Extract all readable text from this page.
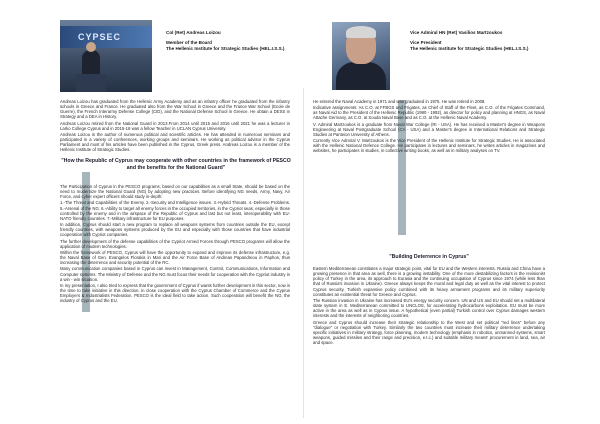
CYPSEC	Col (Ret) Andreas Loizou
Member of the Board
The Hellenic Institute for Strategic Studies (HEL.I.S.S.)
Vice Admiral HN (Ret) Vasilios Martzoukos
Vice President
The Hellenic Institute for Strategic Studies (HEL.I.S.S.)

Andreas Loizou has graduated from the Hellenic Army Academy and as an infantry officer he graduated from the infantry schools in Greece and France. He graduated also from the War School in Greece and the France War School (Ecole de Guerre), the French Interarmy Defense College (CID), and the National Defense School in Greece. He obtain a DESS in Strategy and a DEA in History.

Andreas Loizou retired from the National Guard in 2013.From 2014 until 2015 and 2016 until 2021 he was a lecturer in Larko College Cyprus and in 2015-16 was a fellow Teacher in UCLAN Cyprus University.

Andreas Loizou is the author of numerous political and scientific articles. He has attended in numerous seminars and participated in a variety of conferences, working groups and seminars. He working as political advisor in the Cyprus Parliament and most of his articles have been published in the Cyprus, Greek press. Andreas Loizou is a member of the Hellenic Institute of Strategic Studies.

"How the Republic of Cyprus may cooperate with other countries in the framework of PESCO and the benefits for the National Guard"

The Participation of Cyprus in the PESCO programs, based on our capabilities as a small State, should be based on the need to modernize the National Guard (NG) by adopting new practices. Before identifying NG needs, Army, Navy, Air Force, and cyber expert officers should study in-depth:

1.-The Threat and Capabilities of the Enemy. 2.-Security and Intelligence issues. 3.-Hybrid Threats. 4.-Defense Problems. 5.-Arsenal of the NG. 6.-Ability to target all enemy forces in the occupied territories, in the Cypriot seas, especially in those controlled by the enemy and in the airspace of the Republic of Cyprus and last but not least, interoperability with EU-NATO friendly countries. 7.-Military infrastructure for EU purposes.

In addition, Cyprus should start a new program to replace all weapons systems from countries outside the EU, except friendly countries, with weapons systems produced by the EU and especially with those countries that have industrial cooperation with Cypriot companies.

The further development of the defense capabilities of the Cypriot Armed Forces through PESCO programs will allow the application of modern technologies.

Within the framework of PESCO, Cyprus will have the opportunity to expand and improve its defense infrastructure, e.g. the Naval Base of Gen. Evangelos Florakis in Mari and the Air Force Base of Andreas Papandreou in Paphos, thus increasing the deterrence and security potential of the RC.

Many communication companies based in Cyprus can invest in Management, Control, Communications, Information and Computer systems. The Ministry of Defense and the NG must focus their needs for cooperation with the Cypriot industry in a win - win situation.

In my presentation, I also tried to express that the government of Cyprus if wants further development in this sector, now is the time to take initiative in this direction, in close cooperation with the Cyprus Chamber of Commerce and the Cyprus Employers & Industrialists Federation. PESCO is the ideal field to take action. Such cooperation will benefit the NG, the industry of Cyprus and the EU.

He entered the Naval Academy in 1971 and was graduated in 1975. He was retired in 2008.

Indicative assignments: As C.O. at FFBGS and Frigates, as Chief of Staff of the Fleet, as C.O. of the Frigates Command, as Naval Aid to the President of the Hellenic Republic (1990 - 1992), as director for policy and planning at HNGS, as Naval Attache Germany, as C.O. at Souda Naval Base and as C.O. at the Hellenic Naval Academy.

V. Admiral Martzoukos is a graduate from Naval War College (RI - USA). He has received a Master's degree in Weapons Engineering at Naval Postgraduate School (CA - USA) and a Master's degree in International Relations and Strategic Studies at Panteion University of Athens.

Currently Vice Admiral V. Martzoukos is the Vice President of the Hellenic Institute for Strategic Studies. He is associated with the Hellenic National Defence College. He participates in lectures and seminars, he writes articles in magazines and websites, he participates in studies, in collective writing books, as well as in military analyses on TV.

"Building Deterrence in Cyprus"

Eastern Mediterranean constitutes a major strategic point, vital for EU and the Western interests. Russia and China have a growing presence in that area as well, there is a growing instability. One of the more destabilizing factors is the revisionist policy of Turkey in the area, its approach to Eurasia and the continuing occupation of Cyprus since 1974 (while less than that of Russia's invasion in Ukraine). Greece always keeps the moral and legal duty as well as the vital interest to protect Cyprus security. Turkish expansive policy combined with its heavy armament programs and its military superiority constitutes an existential threat for Greece and Cyprus.

The Russian invasion in Ukraine has increased EU's energy security concern. UN and US and EU should set a multilateral state system in E. Mediterranean committed to UNCLOS, for accelerating hydrocarbons exploitation. EU must be more active in the area as well as in Cyprus issue. A hypothetical (even partial) Turkish control over Cyprus damages western interests and the interests of neighboring countries.

Greece and Cyprus should increase their strategic relationship to the West and set political "red lines" before any "dialogue" or negotiation with Turkey. Similarly the two countries must increase their military deterrence undertaking specific initiatives in military strategy, force planning, modern technology (emphasis in robotics, unmanned systems, smart weapons, guided missiles and their range and precision, e.t.c.) and suitable military means' procurement in land, sea, air and space.
